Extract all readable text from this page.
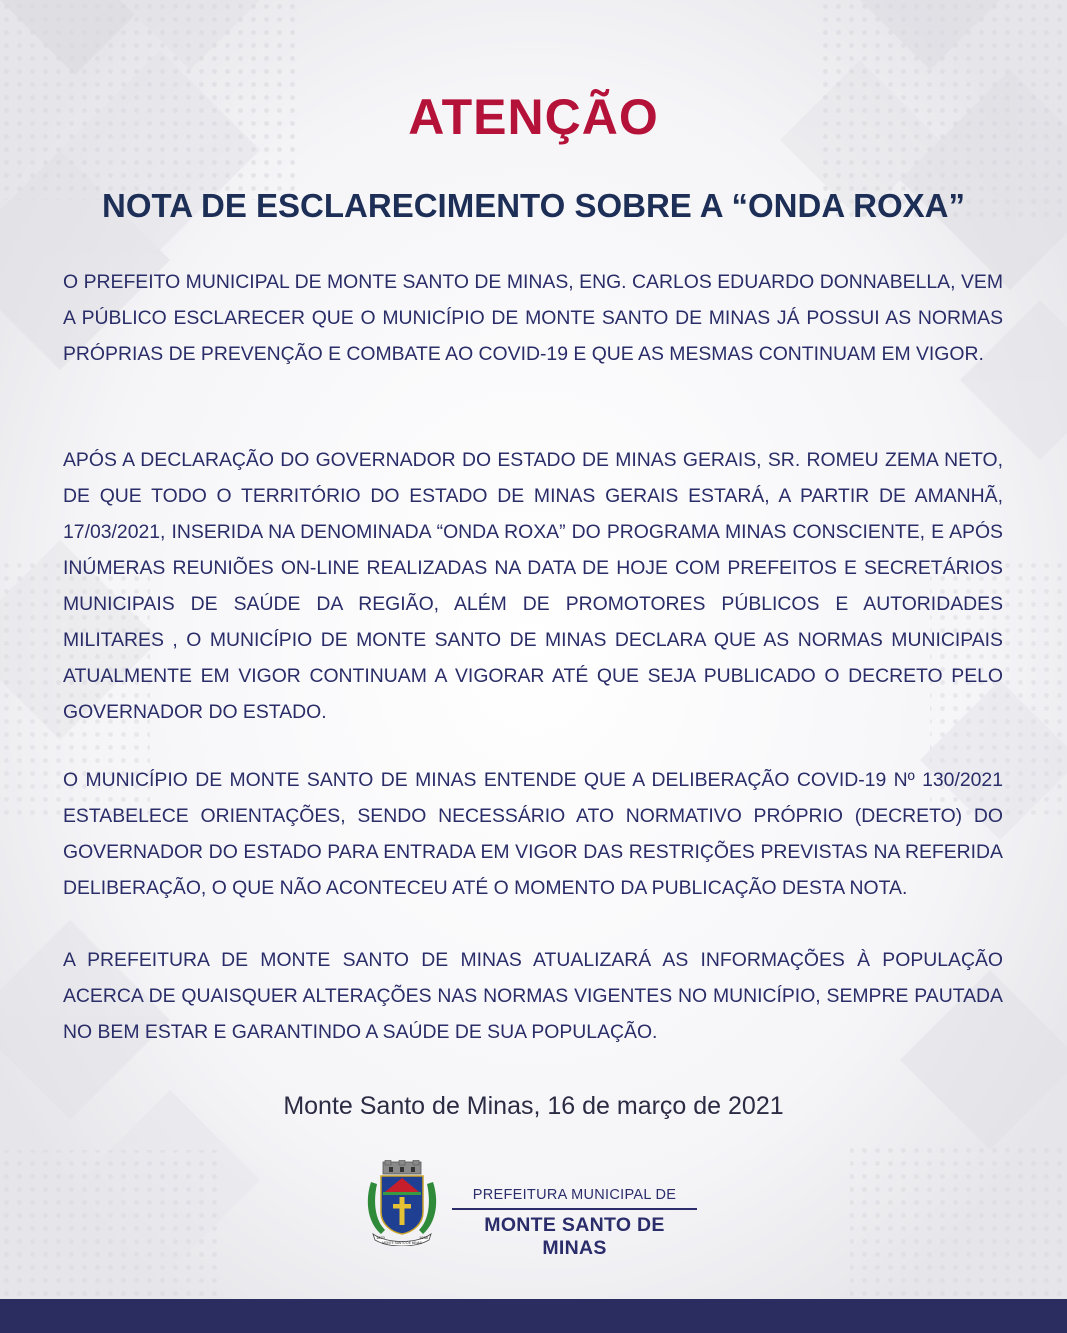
ATENÇÃO
NOTA DE ESCLARECIMENTO SOBRE A “ONDA ROXA”

O PREFEITO MUNICIPAL DE MONTE SANTO DE MINAS, ENG. CARLOS EDUARDO DONNABELLA, VEM A PÚBLICO ESCLARECER QUE O MUNICÍPIO DE MONTE SANTO DE MINAS JÁ POSSUI AS NORMAS PRÓPRIAS DE PREVENÇÃO E COMBATE AO COVID-19 E QUE AS MESMAS CONTINUAM EM VIGOR.

APÓS A DECLARAÇÃO DO GOVERNADOR DO ESTADO DE MINAS GERAIS, SR. ROMEU ZEMA NETO, DE QUE TODO O TERRITÓRIO DO ESTADO DE MINAS GERAIS ESTARÁ, A PARTIR DE AMANHÃ, 17/03/2021, INSERIDA NA DENOMINADA “ONDA ROXA” DO PROGRAMA MINAS CONSCIENTE, E APÓS INÚMERAS REUNIÕES ON-LINE REALIZADAS NA DATA DE HOJE COM PREFEITOS E SECRETÁRIOS MUNICIPAIS DE SAÚDE DA REGIÃO, ALÉM DE PROMOTORES PÚBLICOS E AUTORIDADES MILITARES , O MUNICÍPIO DE MONTE SANTO DE MINAS DECLARA QUE AS NORMAS MUNICIPAIS ATUALMENTE EM VIGOR CONTINUAM A VIGORAR ATÉ QUE SEJA PUBLICADO O DECRETO PELO GOVERNADOR DO ESTADO.

O MUNICÍPIO DE MONTE SANTO DE MINAS ENTENDE QUE A DELIBERAÇÃO COVID-19 Nº 130/2021 ESTABELECE ORIENTAÇÕES, SENDO NECESSÁRIO ATO NORMATIVO PRÓPRIO (DECRETO) DO GOVERNADOR DO ESTADO PARA ENTRADA EM VIGOR DAS RESTRIÇÕES PREVISTAS NA REFERIDA DELIBERAÇÃO, O QUE NÃO ACONTECEU ATÉ O MOMENTO DA PUBLICAÇÃO DESTA NOTA.

A PREFEITURA DE MONTE SANTO DE MINAS ATUALIZARÁ AS INFORMAÇÕES À POPULAÇÃO ACERCA DE QUAISQUER ALTERAÇÕES NAS NORMAS VIGENTES NO MUNICÍPIO, SEMPRE PAUTADA NO BEM ESTAR E GARANTINDO A SAÚDE DE SUA POPULAÇÃO.

Monte Santo de Minas, 16 de março de 2021

1870	1938
MONTE SANTO DE MINAS
PREFEITURA MUNICIPAL DE
MONTE SANTO DE MINAS
